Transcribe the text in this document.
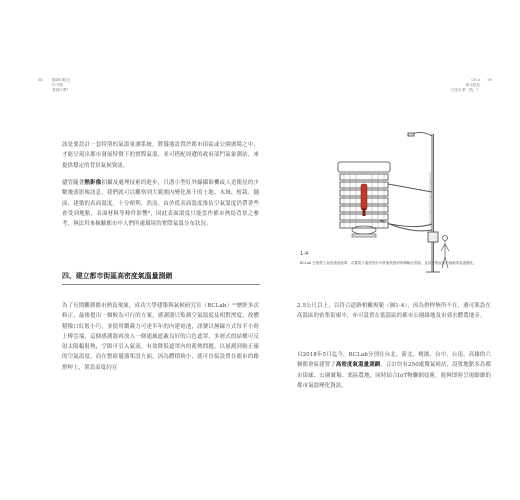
58	醫師的眼光
你不懂
我做什麼?
59
CH.4
都市熱島
因為什麼「熱」？
該是要設計一套特別的氣溫量測系統，將儀器設置於都市街區或公園廣場之中，才能呈現出都市發展特徵下的實際氣溫，並可搭配周遭的政府部門氣象測站，來提供穩定的背景氣候資訊。
儘管隨著熱影像拍攝及處理技術的進步，只憑小型紅外線攝影機或人造衛星的少數幾張影像訊息，我們就可以觀察到大範圍內變化萬千的土地、水域、植栽、鋪面、建築的表面溫度，十分便利，然而，由於從表面溫度推估空氣溫度仍帶著些會受到地點、表面材料等條件影響⁸，因此表面溫度只能當作都市熱島背景之參考，無法用來檢驗都市中人們所處環境的實際氣溫分布狀況。
四、建立都市街區高密度氣溫量測網
為了長期觀測都市熱島現象，成功大學建築與氣候研究室（BCLab）¹²歷經多次修正，最後提出一個較為可行的方案，感測器只監測空氣溫度及相對溼度，故體積像口紅般小巧，並使用纜載力可達半年的內建電池，訊號以無線方式每半小時上傳雲端，這個感測器再放入一個通風遮蔽良好的白色遮罩，多層式的結構可反射太陽輻射熱，空隙可引入氣流，有效降低遮罩內的蓄熱問題，以量測到較正確的空氣溫度，而在整組儀器架設方面，因為體積夠小，就可直接設置在都市的路燈桿上，架設高度約在
1-4
BCLab 在燈桿上架設通風遮罩，內置電子溫溼度計可將蒐集感到的傳輸至雲端，並同步集收區中細緻的氣溫變化。
2.5公尺以上，以符合道路相關規範（圖1-4），因為燈桿無所不在，遇可架設在高溫區的密集街廓中，亦可設置在低溫區的都市公園綠地及市郊水體農地旁。
自2018年5月迄今，BCLab分別在台北、新北、桃園、台中、台南、高雄的六個都會區建置了高密度氣溫量測網，合計約有250處微氣候站，設置地點多為都市街廓、公園廣場、郊區農地，同時結合IoT物聯網技術，能夠即時呈現細緻的都市氣溫變化資訊。
